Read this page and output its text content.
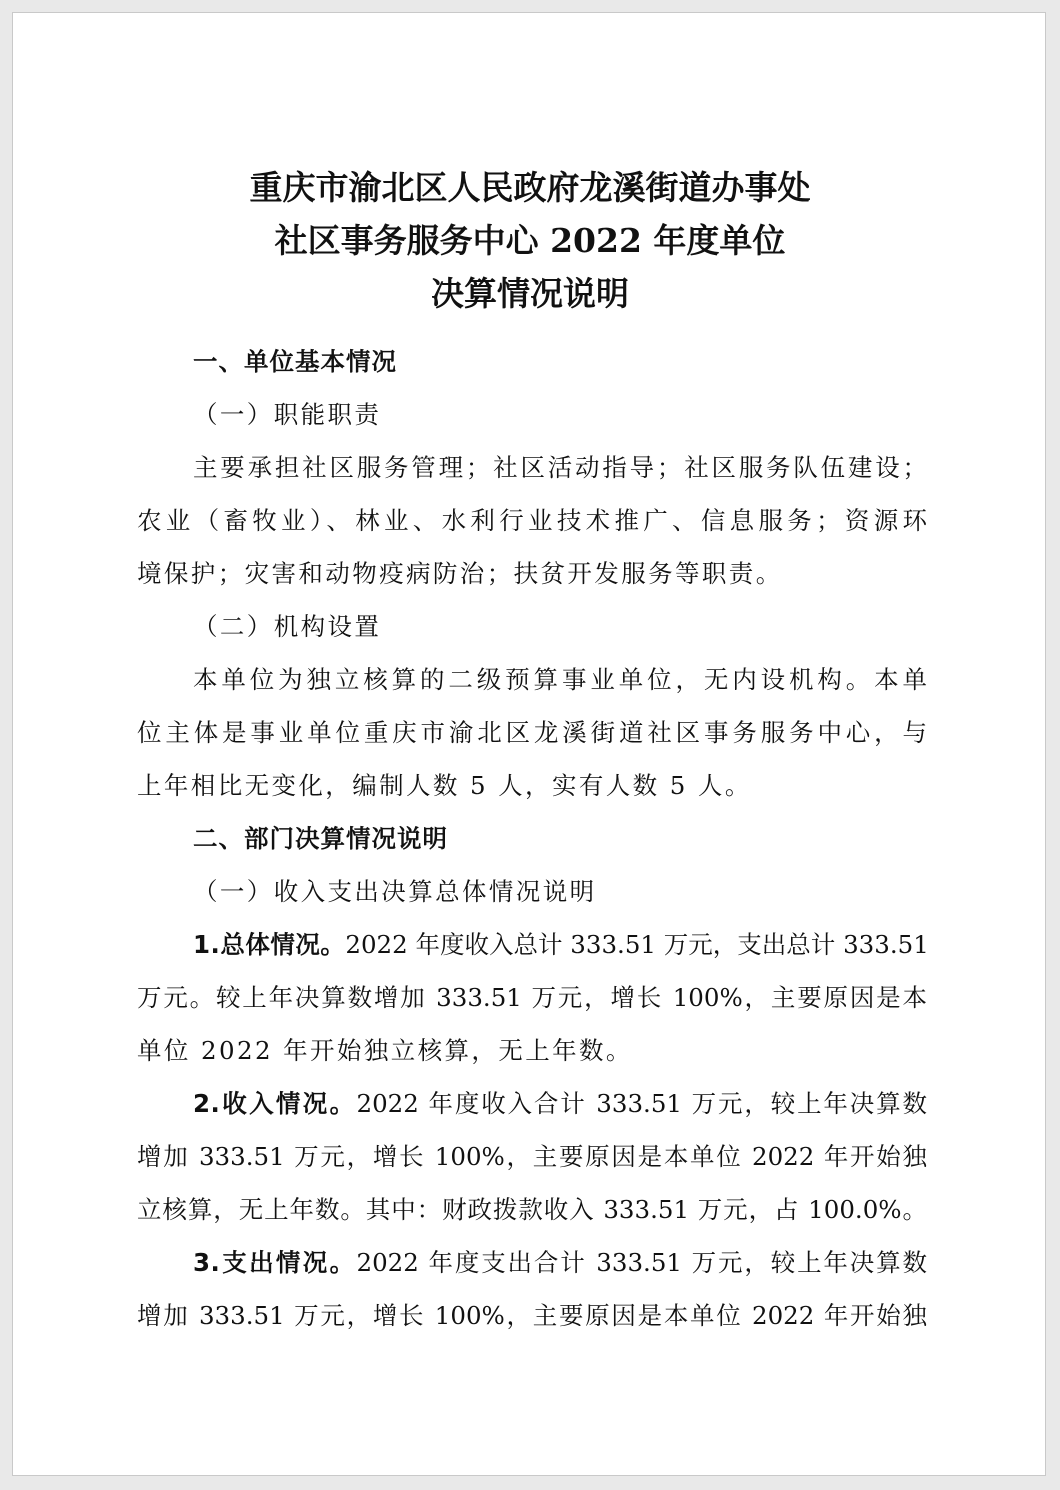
重庆市渝北区人民政府龙溪街道办事处
社区事务服务中心 2022 年度单位
决算情况说明
一、单位基本情况
（一）职能职责
主要承担社区服务管理；社区活动指导；社区服务队伍建设；
农业（畜牧业）、林业、水利行业技术推广、信息服务；资源环
境保护；灾害和动物疫病防治；扶贫开发服务等职责。
（二）机构设置
本单位为独立核算的二级预算事业单位，无内设机构。本单
位主体是事业单位重庆市渝北区龙溪街道社区事务服务中心，与
上年相比无变化，编制人数 5 人，实有人数 5 人。
二、部门决算情况说明
（一）收入支出决算总体情况说明
1.总体情况。2022 年度收入总计 333.51 万元，支出总计 333.51
万元。较上年决算数增加 333.51 万元，增长 100%，主要原因是本
单位 2022 年开始独立核算，无上年数。
2.收入情况。2022 年度收入合计 333.51 万元，较上年决算数
增加 333.51 万元，增长 100%，主要原因是本单位 2022 年开始独
立核算，无上年数。其中：财政拨款收入 333.51 万元，占 100.0%。
3.支出情况。2022 年度支出合计 333.51 万元，较上年决算数
增加 333.51 万元，增长 100%，主要原因是本单位 2022 年开始独
